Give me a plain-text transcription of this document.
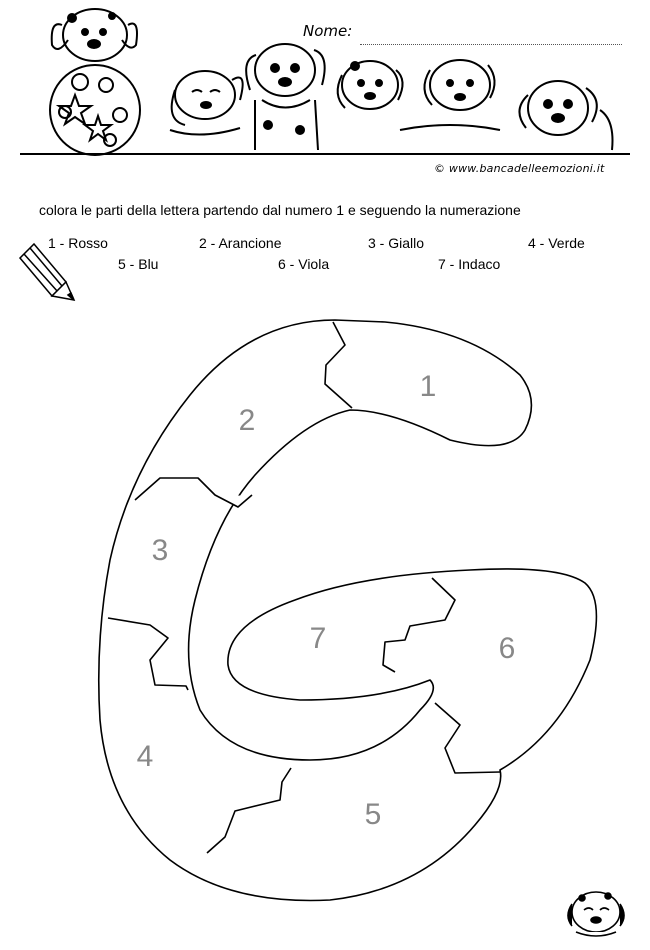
Nome:
© www.bancadelleemozioni.it
colora le parti della lettera partendo dal numero 1 e seguendo la numerazione
1 - Rosso	2 - Arancione	3 - Giallo	4 - Verde
5 - Blu	6 - Viola	7 - Indaco
1
2
3
4
5
6
7
